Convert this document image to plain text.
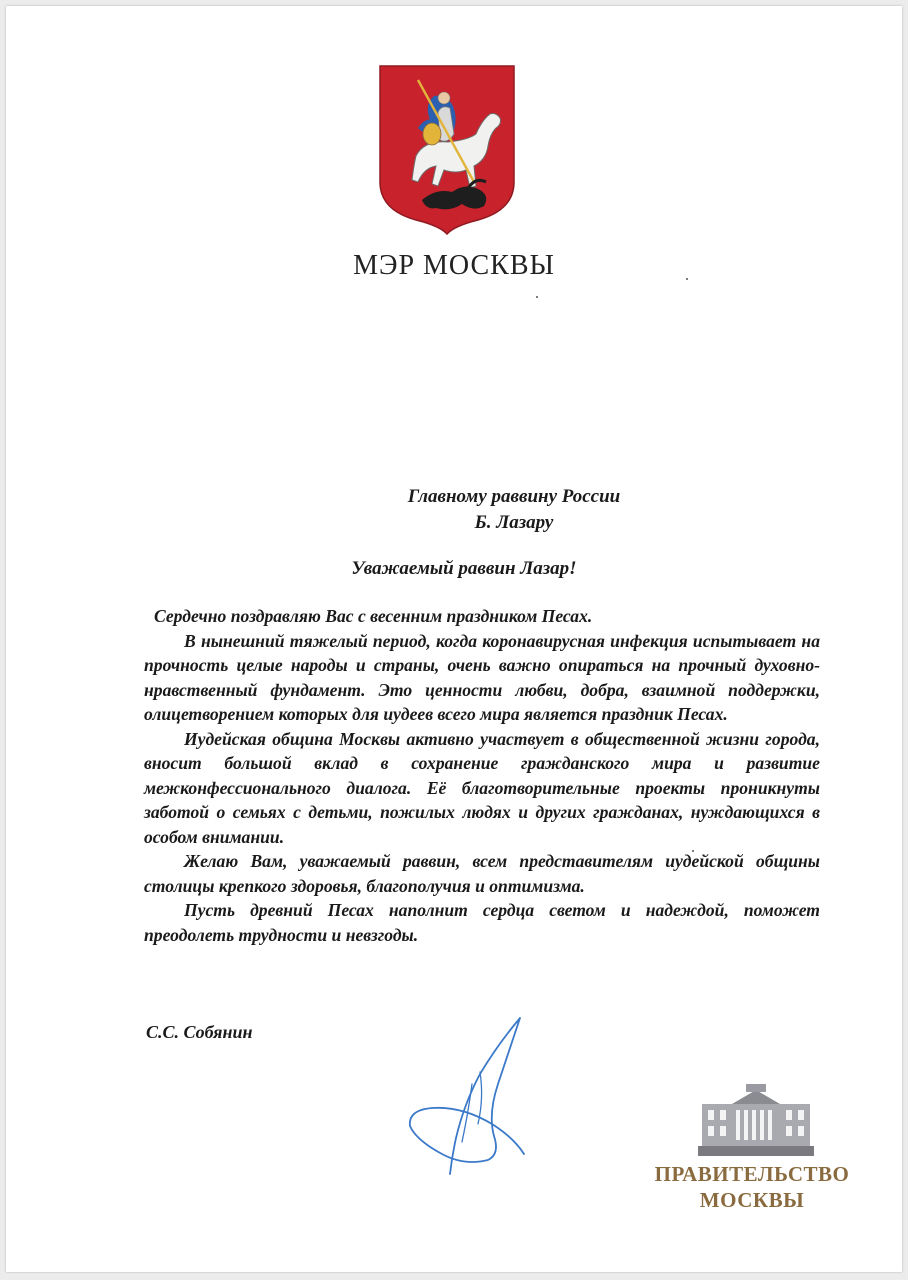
МЭР МОСКВЫ
Главному раввину России
Б. Лазару
Уважаемый раввин Лазар!

Сердечно поздравляю Вас с весенним праздником Песах.

В нынешний тяжелый период, когда коронавирусная инфекция испытывает на прочность целые народы и страны, очень важно опираться на прочный духовно-нравственный фундамент. Это ценности любви, добра, взаимной поддержки, олицетворением которых для иудеев всего мира является праздник Песах.

Иудейская община Москвы активно участвует в общественной жизни города, вносит большой вклад в сохранение гражданского мира и развитие межконфессионального диалога. Её благотворительные проекты проникнуты заботой о семьях с детьми, пожилых людях и других гражданах, нуждающихся в особом внимании.

Желаю Вам, уважаемый раввин, всем представителям иудейской общины столицы крепкого здоровья, благополучия и оптимизма.

Пусть древний Песах наполнит сердца светом и надеждой, поможет преодолеть трудности и невзгоды.

С.С. Собянин
ПРАВИТЕЛЬСТВО
МОСКВЫ
